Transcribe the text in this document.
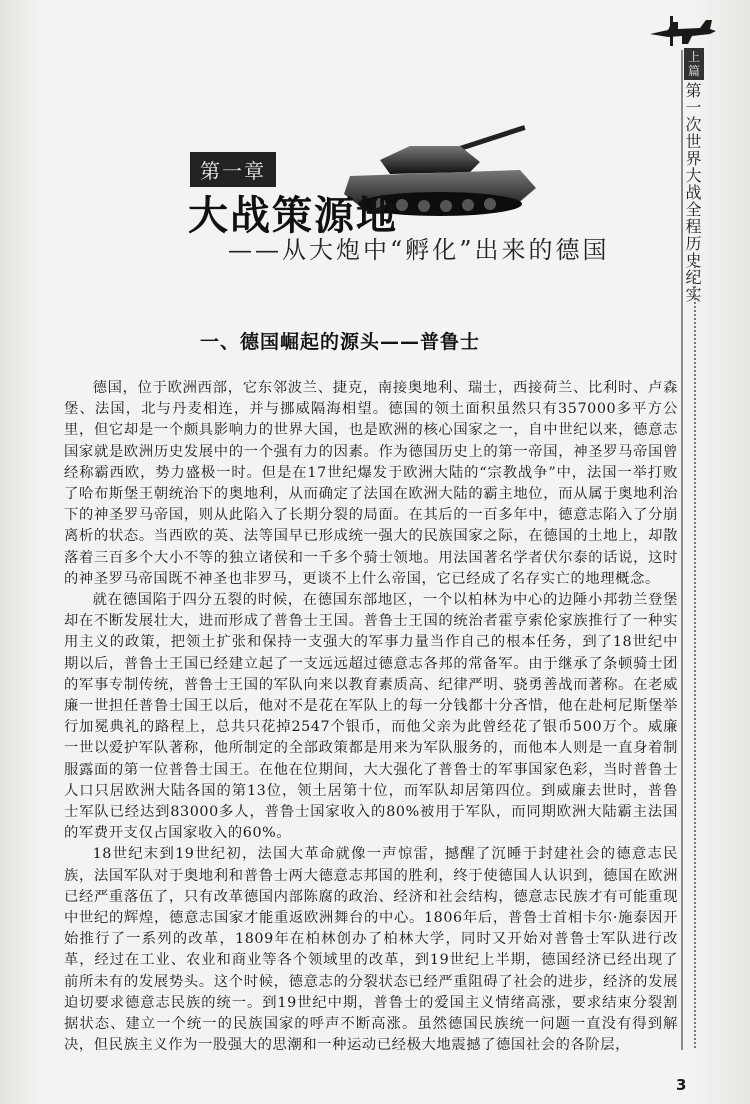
上篇
第一次世界大战全程历史纪实
第一章
大战策源地
——从大炮中“孵化”出来的德国
一、德国崛起的源头——普鲁士

德国，位于欧洲西部，它东邻波兰、捷克，南接奥地利、瑞士，西接荷兰、比利时、卢森堡、法国，北与丹麦相连，并与挪威隔海相望。德国的领土面积虽然只有357000多平方公里，但它却是一个颇具影响力的世界大国，也是欧洲的核心国家之一，自中世纪以来，德意志国家就是欧洲历史发展中的一个强有力的因素。作为德国历史上的第一帝国，神圣罗马帝国曾经称霸西欧，势力盛极一时。但是在17世纪爆发于欧洲大陆的“宗教战争”中，法国一举打败了哈布斯堡王朝统治下的奥地利，从而确定了法国在欧洲大陆的霸主地位，而从属于奥地利治下的神圣罗马帝国，则从此陷入了长期分裂的局面。在其后的一百多年中，德意志陷入了分崩离析的状态。当西欧的英、法等国早已形成统一强大的民族国家之际，在德国的土地上，却散落着三百多个大小不等的独立诸侯和一千多个骑士领地。用法国著名学者伏尔泰的话说，这时的神圣罗马帝国既不神圣也非罗马，更谈不上什么帝国，它已经成了名存实亡的地理概念。

就在德国陷于四分五裂的时候，在德国东部地区，一个以柏林为中心的边陲小邦勃兰登堡却在不断发展壮大，进而形成了普鲁士王国。普鲁士王国的统治者霍亨索伦家族推行了一种实用主义的政策，把领土扩张和保持一支强大的军事力量当作自己的根本任务，到了18世纪中期以后，普鲁士王国已经建立起了一支远远超过德意志各邦的常备军。由于继承了条顿骑士团的军事专制传统，普鲁士王国的军队向来以教育素质高、纪律严明、骁勇善战而著称。在老威廉一世担任普鲁士国王以后，他对不是花在军队上的每一分钱都十分吝惜，他在赴柯尼斯堡举行加冕典礼的路程上，总共只花掉2547个银币，而他父亲为此曾经花了银币500万个。威廉一世以爱护军队著称，他所制定的全部政策都是用来为军队服务的，而他本人则是一直身着制服露面的第一位普鲁士国王。在他在位期间，大大强化了普鲁士的军事国家色彩，当时普鲁士人口只居欧洲大陆各国的第13位，领土居第十位，而军队却居第四位。到威廉去世时，普鲁士军队已经达到83000多人，普鲁士国家收入的80%被用于军队，而同期欧洲大陆霸主法国的军费开支仅占国家收入的60%。

18世纪末到19世纪初，法国大革命就像一声惊雷，撼醒了沉睡于封建社会的德意志民族，法国军队对于奥地利和普鲁士两大德意志邦国的胜利，终于使德国人认识到，德国在欧洲已经严重落伍了，只有改革德国内部陈腐的政治、经济和社会结构，德意志民族才有可能重现中世纪的辉煌，德意志国家才能重返欧洲舞台的中心。1806年后，普鲁士首相卡尔·施泰因开始推行了一系列的改革，1809年在柏林创办了柏林大学，同时又开始对普鲁士军队进行改革，经过在工业、农业和商业等各个领域里的改革，到19世纪上半期，德国经济已经出现了前所未有的发展势头。这个时候，德意志的分裂状态已经严重阻碍了社会的进步，经济的发展迫切要求德意志民族的统一。到19世纪中期，普鲁士的爱国主义情绪高涨，要求结束分裂割据状态、建立一个统一的民族国家的呼声不断高涨。虽然德国民族统一问题一直没有得到解决，但民族主义作为一股强大的思潮和一种运动已经极大地震撼了德国社会的各阶层，

3
